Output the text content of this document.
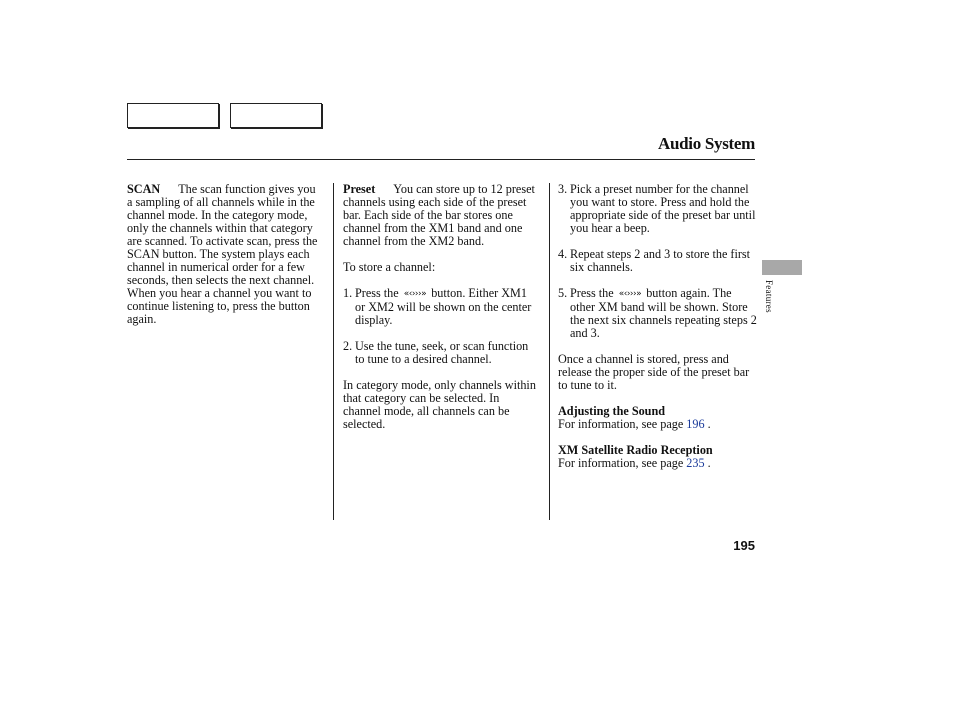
Audio System

SCAN The scan function gives you a sampling of all channels while in the channel mode. In the category mode, only the channels within that category are scanned. To activate scan, press the SCAN button. The system plays each channel in numerical order for a few seconds, then selects the next channel. When you hear a channel you want to continue listening to, press the button again.

Preset You can store up to 12 preset channels using each side of the preset bar. Each side of the bar stores one channel from the XM1 band and one channel from the XM2 band.

To store a channel:

1. Press the «‹›››» button. Either XM1 or XM2 will be shown on the center display.

2. Use the tune, seek, or scan function to tune to a desired channel.

In category mode, only channels within that category can be selected. In channel mode, all channels can be selected.

3. Pick a preset number for the channel you want to store. Press and hold the appropriate side of the preset bar until you hear a beep.

4. Repeat steps 2 and 3 to store the first six channels.

5. Press the «‹›››» button again. The other XM band will be shown. Store the next six channels repeating steps 2 and 3.

Once a channel is stored, press and release the proper side of the preset bar to tune to it.

Adjusting the Sound

For information, see page 196 .

XM Satellite Radio Reception

For information, see page 235 .

Features
195
